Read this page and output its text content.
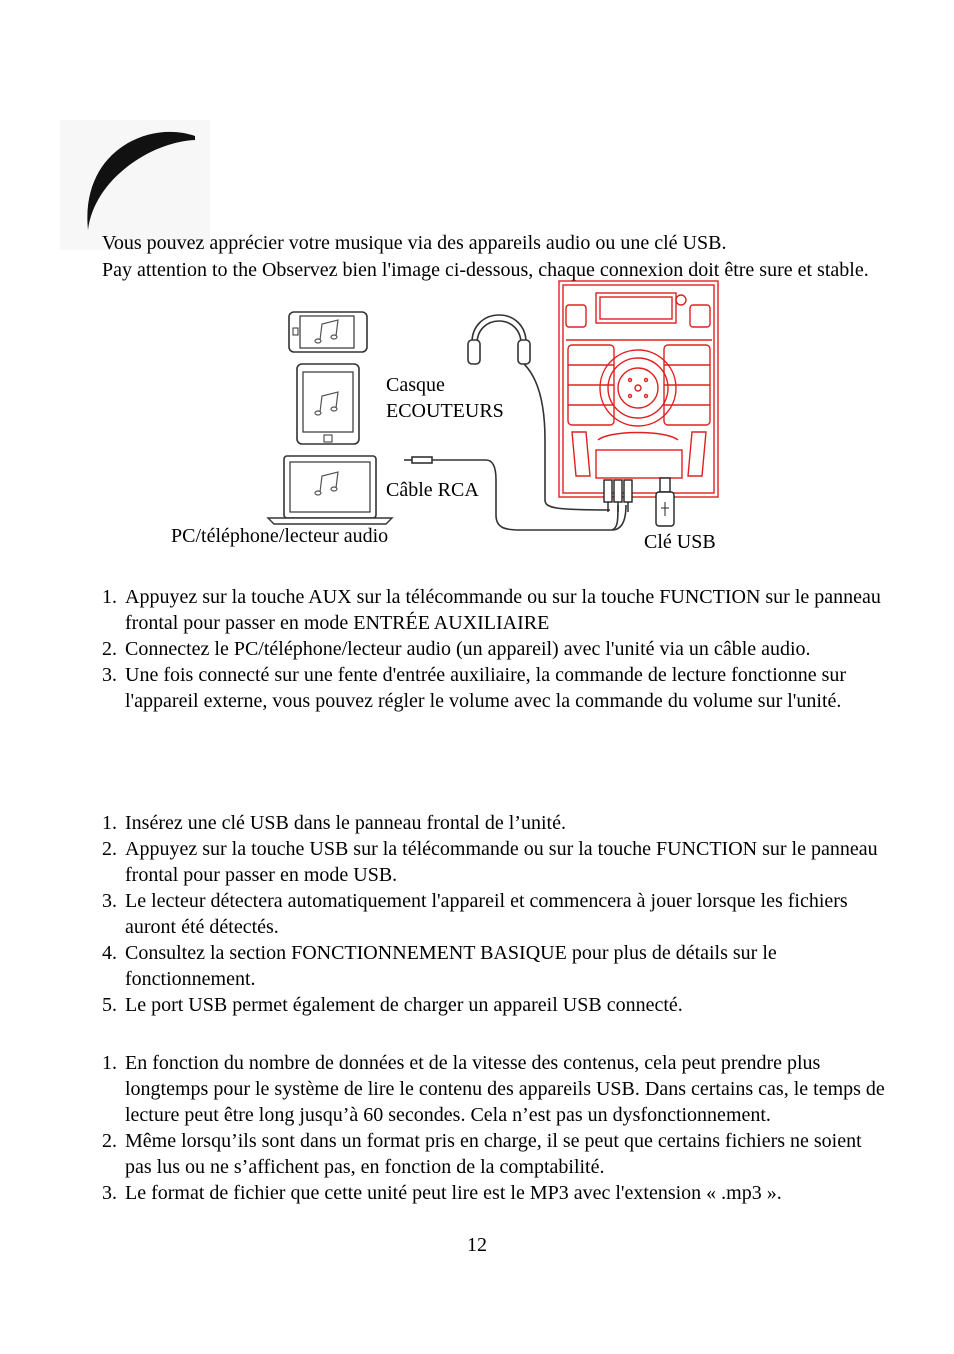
Vous pouvez apprécier votre musique via des appareils audio ou une clé USB.

Pay attention to the Observez bien l'image ci-dessous, chaque connexion doit être sure et stable.

Casque
ECOUTEURS
Câble RCA
PC/téléphone/lecteur audio	Clé USB
1. Appuyez sur la touche AUX sur la télécommande ou sur la touche FUNCTION sur le panneau frontal pour passer en mode ENTRÉE AUXILIAIRE
2. Connectez le PC/téléphone/lecteur audio (un appareil) avec l'unité via un câble audio.
3. Une fois connecté sur une fente d'entrée auxiliaire, la commande de lecture fonctionne sur l'appareil externe, vous pouvez régler le volume avec la commande du volume sur l'unité.
1. Insérez une clé USB dans le panneau frontal de l’unité.
2. Appuyez sur la touche USB sur la télécommande ou sur la touche FUNCTION sur le panneau frontal pour passer en mode USB.
3. Le lecteur détectera automatiquement l'appareil et commencera à jouer lorsque les fichiers auront été détectés.
4. Consultez la section FONCTIONNEMENT BASIQUE pour plus de détails sur le fonctionnement.
5. Le port USB permet également de charger un appareil USB connecté.
1. En fonction du nombre de données et de la vitesse des contenus, cela peut prendre plus longtemps pour le système de lire le contenu des appareils USB. Dans certains cas, le temps de lecture peut être long jusqu’à 60 secondes. Cela n’est pas un dysfonctionnement.
2. Même lorsqu’ils sont dans un format pris en charge, il se peut que certains fichiers ne soient pas lus ou ne s’affichent pas, en fonction de la comptabilité.
3. Le format de fichier que cette unité peut lire est le MP3 avec l'extension « .mp3 ».
12
